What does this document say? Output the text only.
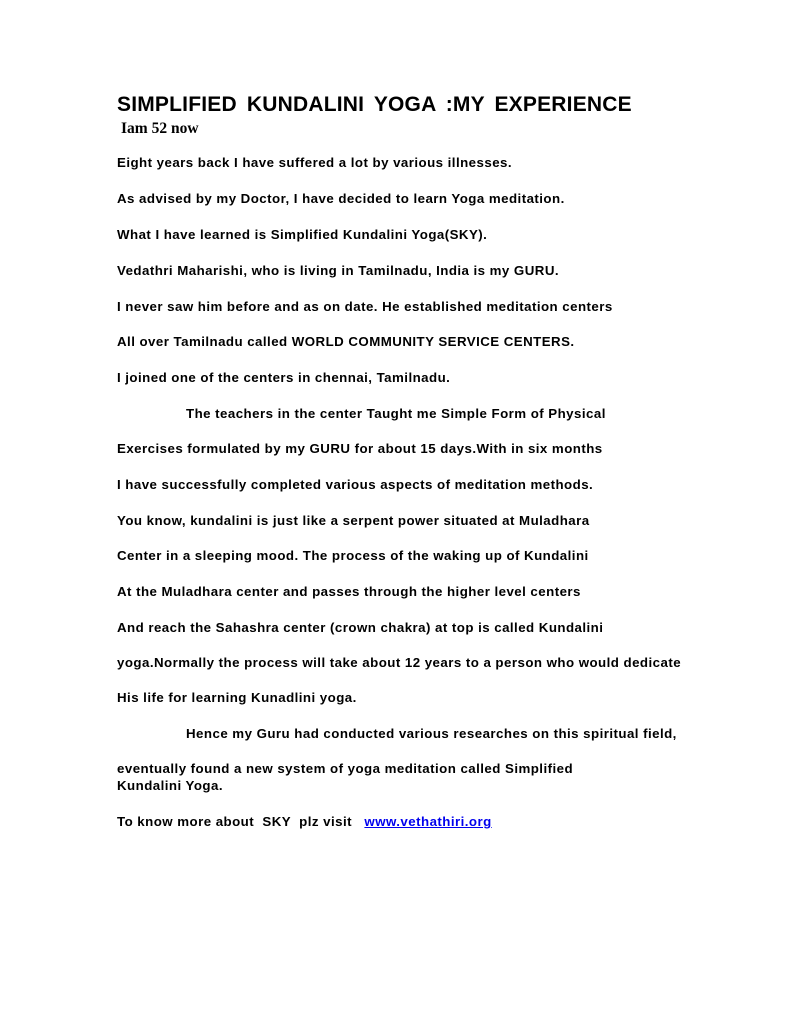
SIMPLIFIED KUNDALINI YOGA :MY EXPERIENCE
Iam 52 now

Eight years back I have suffered a lot by various illnesses.

As advised by my Doctor, I have decided to learn Yoga meditation.

What I have learned is Simplified Kundalini Yoga(SKY).

Vedathri Maharishi, who is living in Tamilnadu, India is my GURU.

I never saw him before and as on date. He established meditation centers

All over Tamilnadu called WORLD COMMUNITY SERVICE CENTERS.

I joined one of the centers in chennai, Tamilnadu.

The teachers in the center Taught me Simple Form of Physical

Exercises formulated by my GURU for about 15 days.With in six months

I have successfully completed various aspects of meditation methods.

You know, kundalini is just like a serpent power situated at Muladhara

Center in a sleeping mood. The process of the waking up of Kundalini

At the Muladhara center and passes through the higher level centers

And reach the Sahashra center (crown chakra) at top is called Kundalini

yoga.Normally the process will take about 12 years to a person who would dedicate

His life for learning Kunadlini yoga.

Hence my Guru had conducted various researches on this spiritual field,

eventually found a new system of yoga meditation called Simplified Kundalini Yoga.

To know more about  SKY  plz visit   www.vethathiri.org
